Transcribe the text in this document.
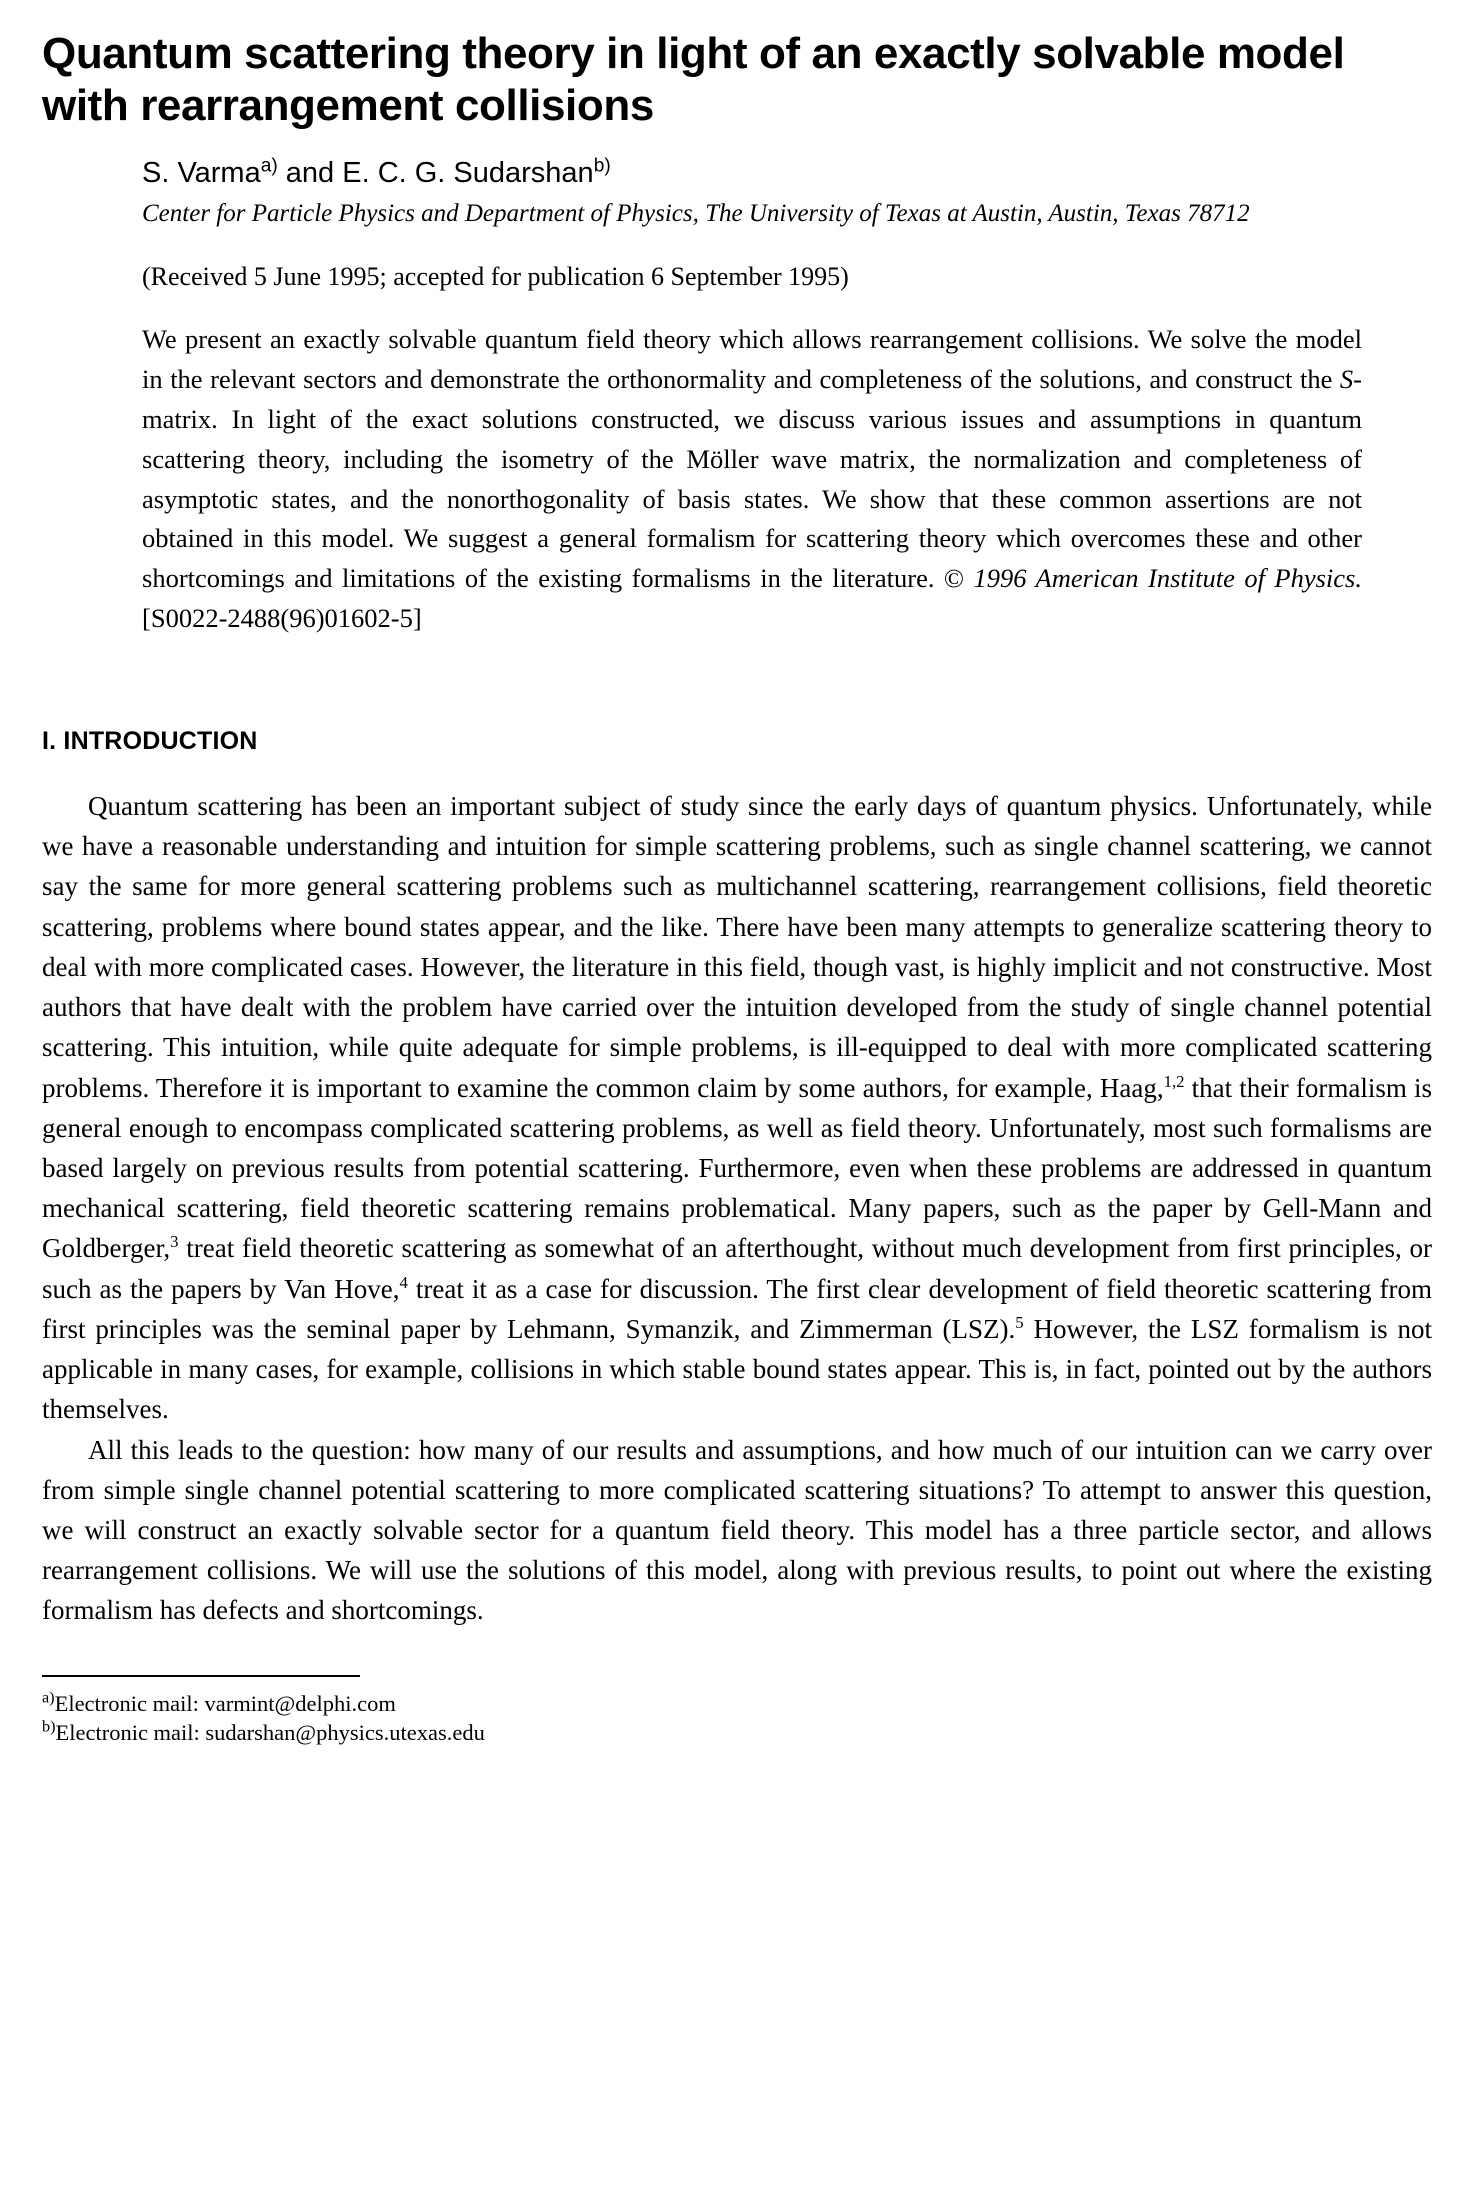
Quantum scattering theory in light of an exactly solvable model with rearrangement collisions
S. Varma$^{a)}$ and E. C. G. Sudarshan$^{b)}$
Center for Particle Physics and Department of Physics, The University of Texas at Austin, Austin, Texas 78712
(Received 5 June 1995; accepted for publication 6 September 1995)
We present an exactly solvable quantum field theory which allows rearrangement collisions. We solve the model in the relevant sectors and demonstrate the orthonormality and completeness of the solutions, and construct the S-matrix. In light of the exact solutions constructed, we discuss various issues and assumptions in quantum scattering theory, including the isometry of the Möller wave matrix, the normalization and completeness of asymptotic states, and the nonorthogonality of basis states. We show that these common assertions are not obtained in this model. We suggest a general formalism for scattering theory which overcomes these and other shortcomings and limitations of the existing formalisms in the literature. © 1996 American Institute of Physics. [S0022-2488(96)01602-5]
I. INTRODUCTION

Quantum scattering has been an important subject of study since the early days of quantum physics. Unfortunately, while we have a reasonable understanding and intuition for simple scattering problems, such as single channel scattering, we cannot say the same for more general scattering problems such as multichannel scattering, rearrangement collisions, field theoretic scattering, problems where bound states appear, and the like. There have been many attempts to generalize scattering theory to deal with more complicated cases. However, the literature in this field, though vast, is highly implicit and not constructive. Most authors that have dealt with the problem have carried over the intuition developed from the study of single channel potential scattering. This intuition, while quite adequate for simple problems, is ill-equipped to deal with more complicated scattering problems. Therefore it is important to examine the common claim by some authors, for example, Haag,$^{1,2}$ that their formalism is general enough to encompass complicated scattering problems, as well as field theory. Unfortunately, most such formalisms are based largely on previous results from potential scattering. Furthermore, even when these problems are addressed in quantum mechanical scattering, field theoretic scattering remains problematical. Many papers, such as the paper by Gell-Mann and Goldberger,$^3$ treat field theoretic scattering as somewhat of an afterthought, without much development from first principles, or such as the papers by Van Hove,$^4$ treat it as a case for discussion. The first clear development of field theoretic scattering from first principles was the seminal paper by Lehmann, Symanzik, and Zimmerman (LSZ).$^5$ However, the LSZ formalism is not applicable in many cases, for example, collisions in which stable bound states appear. This is, in fact, pointed out by the authors themselves.

All this leads to the question: how many of our results and assumptions, and how much of our intuition can we carry over from simple single channel potential scattering to more complicated scattering situations? To attempt to answer this question, we will construct an exactly solvable sector for a quantum field theory. This model has a three particle sector, and allows rearrangement collisions. We will use the solutions of this model, along with previous results, to point out where the existing formalism has defects and shortcomings.

$^{a)}$Electronic mail: varmint@delphi.com
$^{b)}$Electronic mail: sudarshan@physics.utexas.edu
